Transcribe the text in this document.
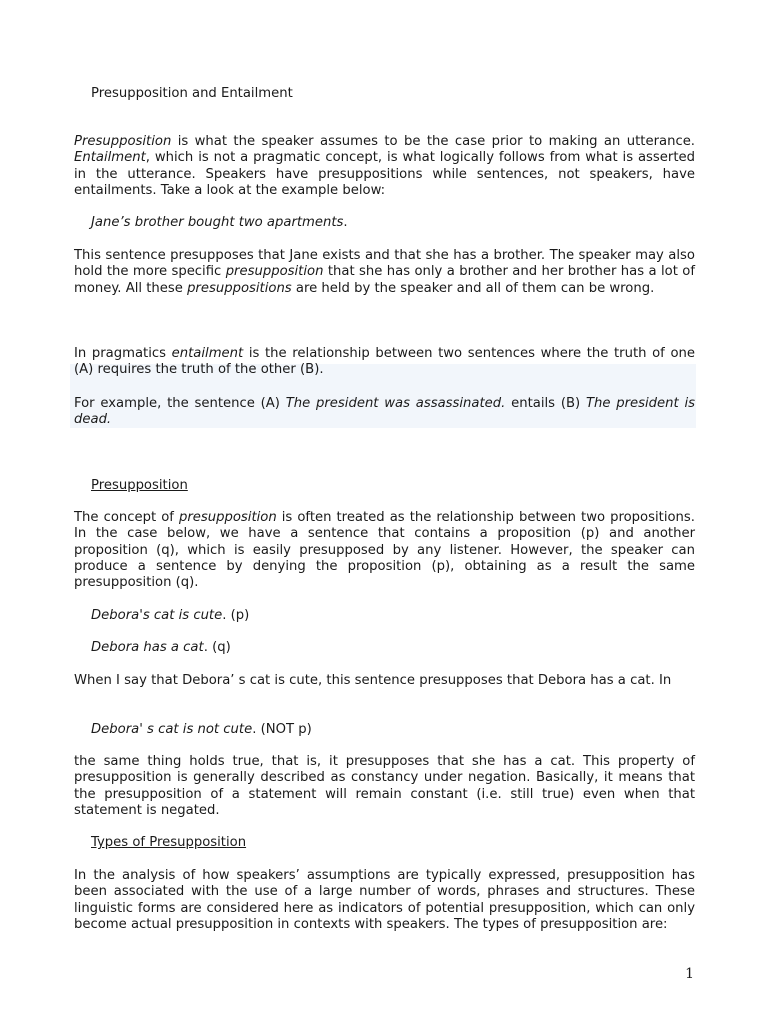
Presupposition and Entailment

Presupposition is what the speaker assumes to be the case prior to making an utterance. Entailment, which is not a pragmatic concept, is what logically follows from what is asserted in the utterance. Speakers have presuppositions while sentences, not speakers, have entailments. Take a look at the example below:

Jane’s brother bought two apartments.

This sentence presupposes that Jane exists and that she has a brother. The speaker may also hold the more specific presupposition that she has only a brother and her brother has a lot of money. All these presuppositions are held by the speaker and all of them can be wrong.

In pragmatics entailment is the relationship between two sentences where the truth of one (A) requires the truth of the other (B).

For example, the sentence (A) The president was assassinated. entails (B) The president is dead.

Presupposition

The concept of presupposition is often treated as the relationship between two propositions. In the case below, we have a sentence that contains a proposition (p) and another proposition (q), which is easily presupposed by any listener. However, the speaker can produce a sentence by denying the proposition (p), obtaining as a result the same presupposition (q).

Debora's cat is cute. (p)

Debora has a cat. (q)

When I say that Debora’ s cat is cute, this sentence presupposes that Debora has a cat. In

Debora' s cat is not cute. (NOT p)

the same thing holds true, that is, it presupposes that she has a cat. This property of presupposition is generally described as constancy under negation. Basically, it means that the presupposition of a statement will remain constant (i.e. still true) even when that statement is negated.

Types of Presupposition

In the analysis of how speakers’ assumptions are typically expressed, presupposition has been associated with the use of a large number of words, phrases and structures. These linguistic forms are considered here as indicators of potential presupposition, which can only become actual presupposition in contexts with speakers. The types of presupposition are:

1
